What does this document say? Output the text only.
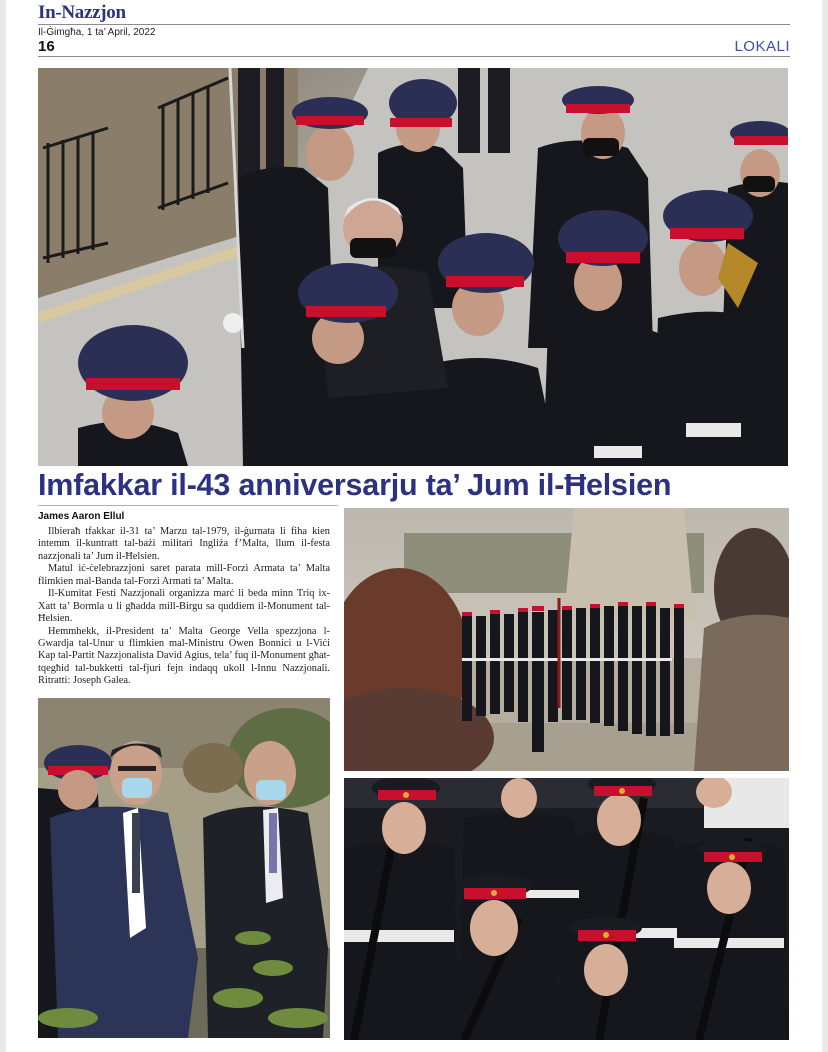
In-Nazzjon
Il-Ġimgħa, 1 ta’ April, 2022
16	LOKALI
Imfakkar il-43 anniversarju ta’ Jum il-Ħelsien
James Aaron Ellul

Ilbieraħ tfakkar il-31 ta’ Marzu tal-1979, il-ġurnata li fiha kien intemm il-kuntratt tal-bażi militari Ingliża f’Malta, llum il-festa nazzjonali ta’ Jum il-Ħelsien.

Matul iċ-ċelebrazzjoni saret parata mill-Forzi Armata ta’ Malta flimkien mal-Banda tal-Forzi Armati ta’ Malta.

Il-Kumitat Festi Nazzjonali organizza marċ li beda minn Triq ix-Xatt ta’ Bormla u li għadda mill-Birgu sa quddiem il-Monument tal-Ħelsien.

Hemmhekk, il-President ta’ Malta George Vella spezzjona l-Gwardja tal-Unur u flimkien mal-Ministru Owen Bonnici u l-Viċi Kap tal-Partit Nazzjonalista David Agius, tela’ fuq il-Monument għat-tqegħid tal-bukketti tal-fjuri fejn indaqq ukoll l-Innu Nazzjonali. Ritratti: Joseph Galea.
